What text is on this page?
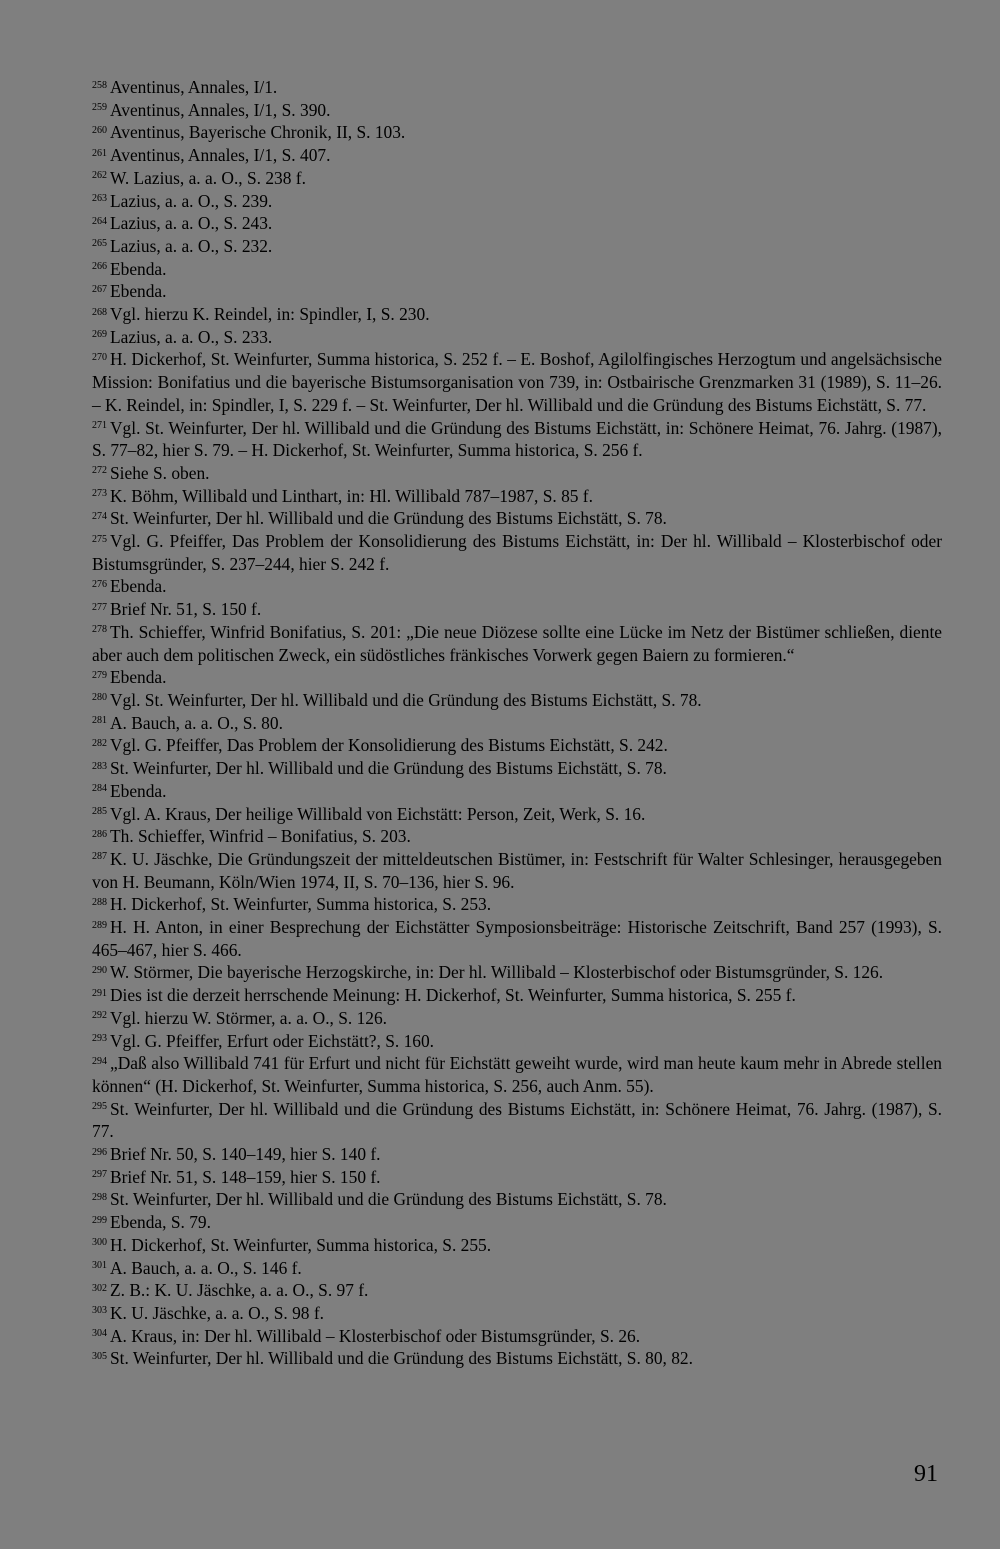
$^{258}$ Aventinus, Annales, I/1.
$^{259}$ Aventinus, Annales, I/1, S. 390.
$^{260}$ Aventinus, Bayerische Chronik, II, S. 103.
$^{261}$ Aventinus, Annales, I/1, S. 407.
$^{262}$ W. Lazius, a. a. O., S. 238 f.
$^{263}$ Lazius, a. a. O., S. 239.
$^{264}$ Lazius, a. a. O., S. 243.
$^{265}$ Lazius, a. a. O., S. 232.
$^{266}$ Ebenda.
$^{267}$ Ebenda.
$^{268}$ Vgl. hierzu K. Reindel, in: Spindler, I, S. 230.
$^{269}$ Lazius, a. a. O., S. 233.
$^{270}$ H. Dickerhof, St. Weinfurter, Summa historica, S. 252 f. – E. Boshof, Agilolfingisches Herzogtum und angelsächsische Mission: Bonifatius und die bayerische Bistumsorganisation von 739, in: Ostbairische Grenzmarken 31 (1989), S. 11–26. – K. Reindel, in: Spindler, I, S. 229 f. – St. Weinfurter, Der hl. Willibald und die Gründung des Bistums Eichstätt, S. 77.
$^{271}$ Vgl. St. Weinfurter, Der hl. Willibald und die Gründung des Bistums Eichstätt, in: Schönere Heimat, 76. Jahrg. (1987), S. 77–82, hier S. 79. – H. Dickerhof, St. Weinfurter, Summa historica, S. 256 f.
$^{272}$ Siehe S. oben.
$^{273}$ K. Böhm, Willibald und Linthart, in: Hl. Willibald 787–1987, S. 85 f.
$^{274}$ St. Weinfurter, Der hl. Willibald und die Gründung des Bistums Eichstätt, S. 78.
$^{275}$ Vgl. G. Pfeiffer, Das Problem der Konsolidierung des Bistums Eichstätt, in: Der hl. Willibald – Klosterbischof oder Bistumsgründer, S. 237–244, hier S. 242 f.
$^{276}$ Ebenda.
$^{277}$ Brief Nr. 51, S. 150 f.
$^{278}$ Th. Schieffer, Winfrid Bonifatius, S. 201: „Die neue Diözese sollte eine Lücke im Netz der Bistümer schließen, diente aber auch dem politischen Zweck, ein südöstliches fränkisches Vorwerk gegen Baiern zu formieren.“
$^{279}$ Ebenda.
$^{280}$ Vgl. St. Weinfurter, Der hl. Willibald und die Gründung des Bistums Eichstätt, S. 78.
$^{281}$ A. Bauch, a. a. O., S. 80.
$^{282}$ Vgl. G. Pfeiffer, Das Problem der Konsolidierung des Bistums Eichstätt, S. 242.
$^{283}$ St. Weinfurter, Der hl. Willibald und die Gründung des Bistums Eichstätt, S. 78.
$^{284}$ Ebenda.
$^{285}$ Vgl. A. Kraus, Der heilige Willibald von Eichstätt: Person, Zeit, Werk, S. 16.
$^{286}$ Th. Schieffer, Winfrid – Bonifatius, S. 203.
$^{287}$ K. U. Jäschke, Die Gründungszeit der mitteldeutschen Bistümer, in: Festschrift für Walter Schlesinger, herausgegeben von H. Beumann, Köln/Wien 1974, II, S. 70–136, hier S. 96.
$^{288}$ H. Dickerhof, St. Weinfurter, Summa historica, S. 253.
$^{289}$ H. H. Anton, in einer Besprechung der Eichstätter Symposionsbeiträge: Historische Zeitschrift, Band 257 (1993), S. 465–467, hier S. 466.
$^{290}$ W. Störmer, Die bayerische Herzogskirche, in: Der hl. Willibald – Klosterbischof oder Bistumsgründer, S. 126.
$^{291}$ Dies ist die derzeit herrschende Meinung: H. Dickerhof, St. Weinfurter, Summa historica, S. 255 f.
$^{292}$ Vgl. hierzu W. Störmer, a. a. O., S. 126.
$^{293}$ Vgl. G. Pfeiffer, Erfurt oder Eichstätt?, S. 160.
$^{294}$ „Daß also Willibald 741 für Erfurt und nicht für Eichstätt geweiht wurde, wird man heute kaum mehr in Abrede stellen können“ (H. Dickerhof, St. Weinfurter, Summa historica, S. 256, auch Anm. 55).
$^{295}$ St. Weinfurter, Der hl. Willibald und die Gründung des Bistums Eichstätt, in: Schönere Heimat, 76. Jahrg. (1987), S. 77.
$^{296}$ Brief Nr. 50, S. 140–149, hier S. 140 f.
$^{297}$ Brief Nr. 51, S. 148–159, hier S. 150 f.
$^{298}$ St. Weinfurter, Der hl. Willibald und die Gründung des Bistums Eichstätt, S. 78.
$^{299}$ Ebenda, S. 79.
$^{300}$ H. Dickerhof, St. Weinfurter, Summa historica, S. 255.
$^{301}$ A. Bauch, a. a. O., S. 146 f.
$^{302}$ Z. B.: K. U. Jäschke, a. a. O., S. 97 f.
$^{303}$ K. U. Jäschke, a. a. O., S. 98 f.
$^{304}$ A. Kraus, in: Der hl. Willibald – Klosterbischof oder Bistumsgründer, S. 26.
$^{305}$ St. Weinfurter, Der hl. Willibald und die Gründung des Bistums Eichstätt, S. 80, 82.
91
